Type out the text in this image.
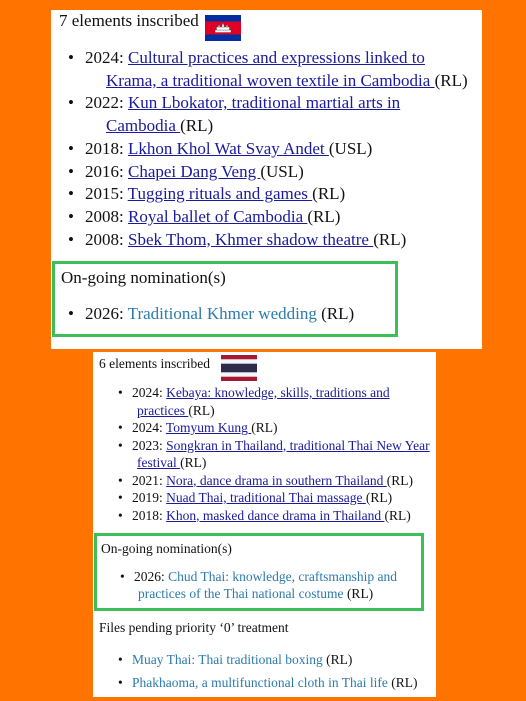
7 elements inscribed
• 2024: Cultural practices and expressions linked to
Krama, a traditional woven textile in Cambodia (RL)
• 2022: Kun Lbokator, traditional martial arts in
Cambodia (RL)
• 2018: Lkhon Khol Wat Svay Andet (USL)
• 2016: Chapei Dang Veng (USL)
• 2015: Tugging rituals and games (RL)
• 2008: Royal ballet of Cambodia (RL)
• 2008: Sbek Thom, Khmer shadow theatre (RL)
On-going nomination(s)
• 2026: Traditional Khmer wedding (RL)
6 elements inscribed
• 2024: Kebaya: knowledge, skills, traditions and
practices (RL)
• 2024: Tomyum Kung (RL)
• 2023: Songkran in Thailand, traditional Thai New Year
festival (RL)
• 2021: Nora, dance drama in southern Thailand (RL)
• 2019: Nuad Thai, traditional Thai massage (RL)
• 2018: Khon, masked dance drama in Thailand (RL)
On-going nomination(s)
• 2026: Chud Thai: knowledge, craftsmanship and
practices of the Thai national costume (RL)
Files pending priority ‘0’ treatment
• Muay Thai: Thai traditional boxing (RL)
• Phakhaoma, a multifunctional cloth in Thai life (RL)
